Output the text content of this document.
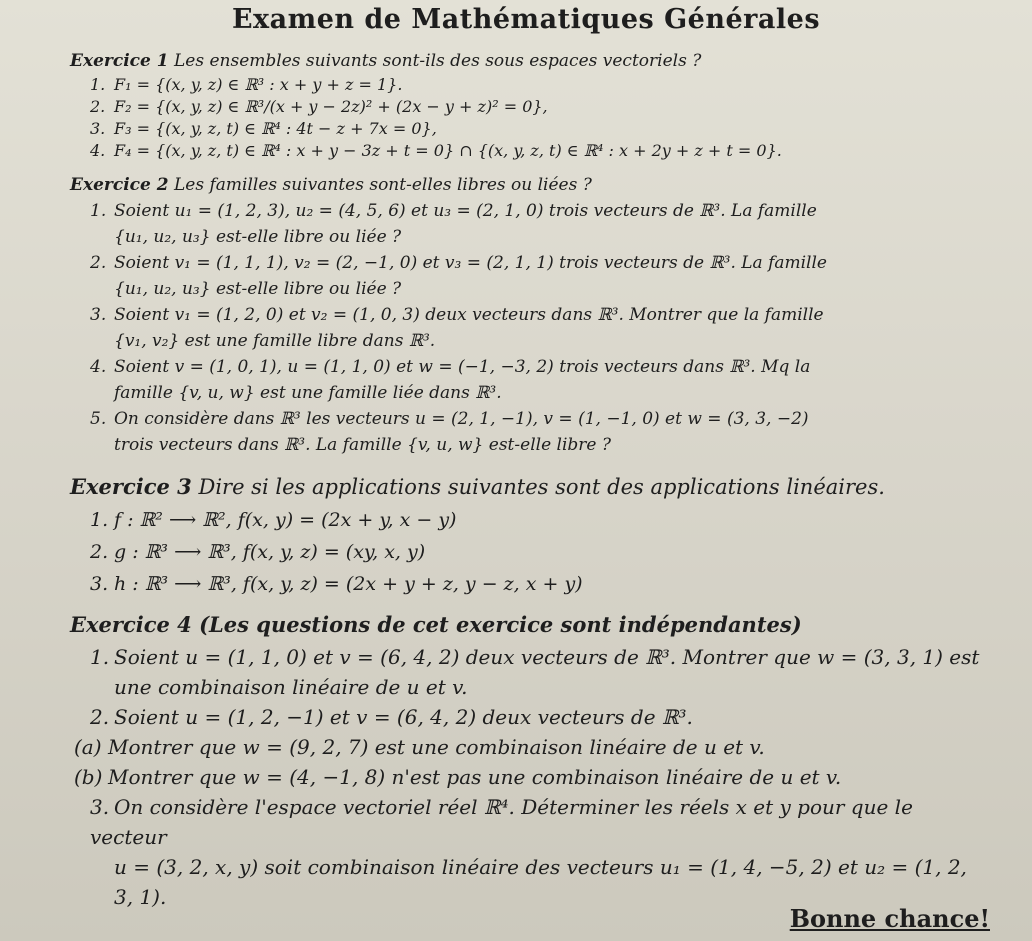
Examen de Mathématiques Générales
Exercice 1 Les ensembles suivants sont-ils des sous espaces vectoriels ?
1. F₁ = {(x, y, z) ∈ ℝ³ : x + y + z = 1}.
2. F₂ = {(x, y, z) ∈ ℝ³/(x + y − 2z)² + (2x − y + z)² = 0},
3. F₃ = {(x, y, z, t) ∈ ℝ⁴ : 4t − z + 7x = 0},
4. F₄ = {(x, y, z, t) ∈ ℝ⁴ : x + y − 3z + t = 0} ∩ {(x, y, z, t) ∈ ℝ⁴ : x + 2y + z + t = 0}.
Exercice 2 Les familles suivantes sont-elles libres ou liées ?
1. Soient u₁ = (1, 2, 3), u₂ = (4, 5, 6) et u₃ = (2, 1, 0) trois vecteurs de ℝ³. La famille
{u₁, u₂, u₃} est-elle libre ou liée ?
2. Soient v₁ = (1, 1, 1), v₂ = (2, −1, 0) et v₃ = (2, 1, 1) trois vecteurs de ℝ³. La famille
{u₁, u₂, u₃} est-elle libre ou liée ?
3. Soient v₁ = (1, 2, 0) et v₂ = (1, 0, 3) deux vecteurs dans ℝ³. Montrer que la famille
{v₁, v₂} est une famille libre dans ℝ³.
4. Soient v = (1, 0, 1), u = (1, 1, 0) et w = (−1, −3, 2) trois vecteurs dans ℝ³. Mq la
famille {v, u, w} est une famille liée dans ℝ³.
5. On considère dans ℝ³ les vecteurs u = (2, 1, −1), v = (1, −1, 0) et w = (3, 3, −2)
trois vecteurs dans ℝ³. La famille {v, u, w} est-elle libre ?
Exercice 3 Dire si les applications suivantes sont des applications linéaires.
1. f : ℝ² ⟶ ℝ², f(x, y) = (2x + y, x − y)
2. g : ℝ³ ⟶ ℝ³, f(x, y, z) = (xy, x, y)
3. h : ℝ³ ⟶ ℝ³, f(x, y, z) = (2x + y + z, y − z, x + y)
Exercice 4 (Les questions de cet exercice sont indépendantes)
1. Soient u = (1, 1, 0) et v = (6, 4, 2) deux vecteurs de ℝ³. Montrer que w = (3, 3, 1) est
une combinaison linéaire de u et v.
2. Soient u = (1, 2, −1) et v = (6, 4, 2) deux vecteurs de ℝ³.
(a) Montrer que w = (9, 2, 7) est une combinaison linéaire de u et v.
(b) Montrer que w = (4, −1, 8) n'est pas une combinaison linéaire de u et v.
3. On considère l'espace vectoriel réel ℝ⁴. Déterminer les réels x et y pour que le vecteur
u = (3, 2, x, y) soit combinaison linéaire des vecteurs u₁ = (1, 4, −5, 2) et u₂ = (1, 2, 3, 1).
Bonne chance!
